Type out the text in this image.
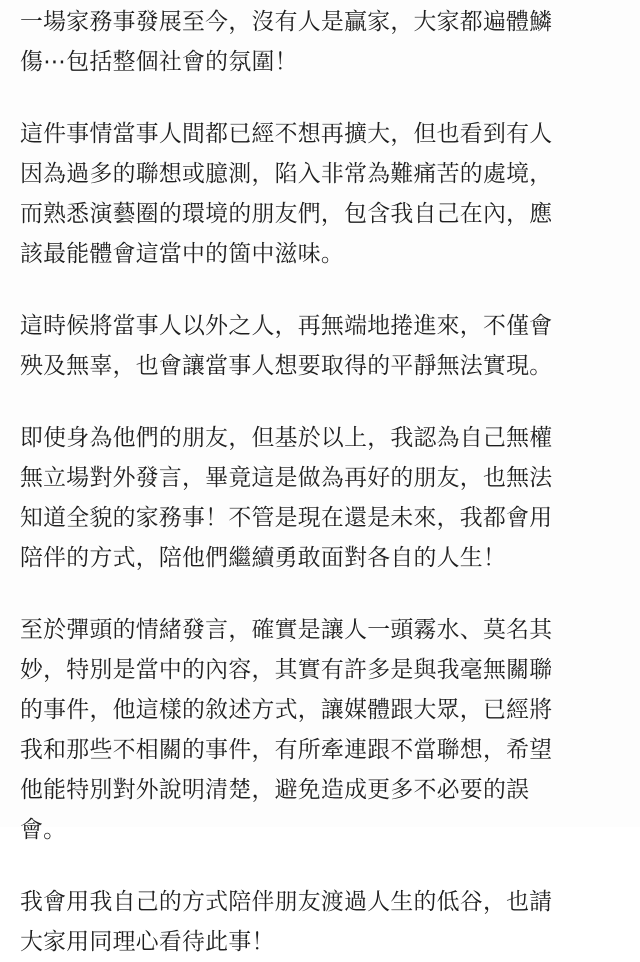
一場家務事發展至今，沒有人是贏家，大家都遍體鱗
傷⋯包括整個社會的氛圍！
這件事情當事人間都已經不想再擴大，但也看到有人
因為過多的聯想或臆測，陷入非常為難痛苦的處境，
而熟悉演藝圈的環境的朋友們，包含我自己在內，應
該最能體會這當中的箇中滋味。
這時候將當事人以外之人，再無端地捲進來，不僅會
殃及無辜，也會讓當事人想要取得的平靜無法實現。
即使身為他們的朋友，但基於以上，我認為自己無權
無立場對外發言，畢竟這是做為再好的朋友，也無法
知道全貌的家務事！不管是現在還是未來，我都會用
陪伴的方式，陪他們繼續勇敢面對各自的人生！
至於彈頭的情緒發言，確實是讓人一頭霧水、莫名其
妙，特別是當中的內容，其實有許多是與我毫無關聯
的事件，他這樣的敘述方式，讓媒體跟大眾，已經將
我和那些不相關的事件，有所牽連跟不當聯想，希望
他能特別對外說明清楚，避免造成更多不必要的誤
會。
我會用我自己的方式陪伴朋友渡過人生的低谷，也請
大家用同理心看待此事！
